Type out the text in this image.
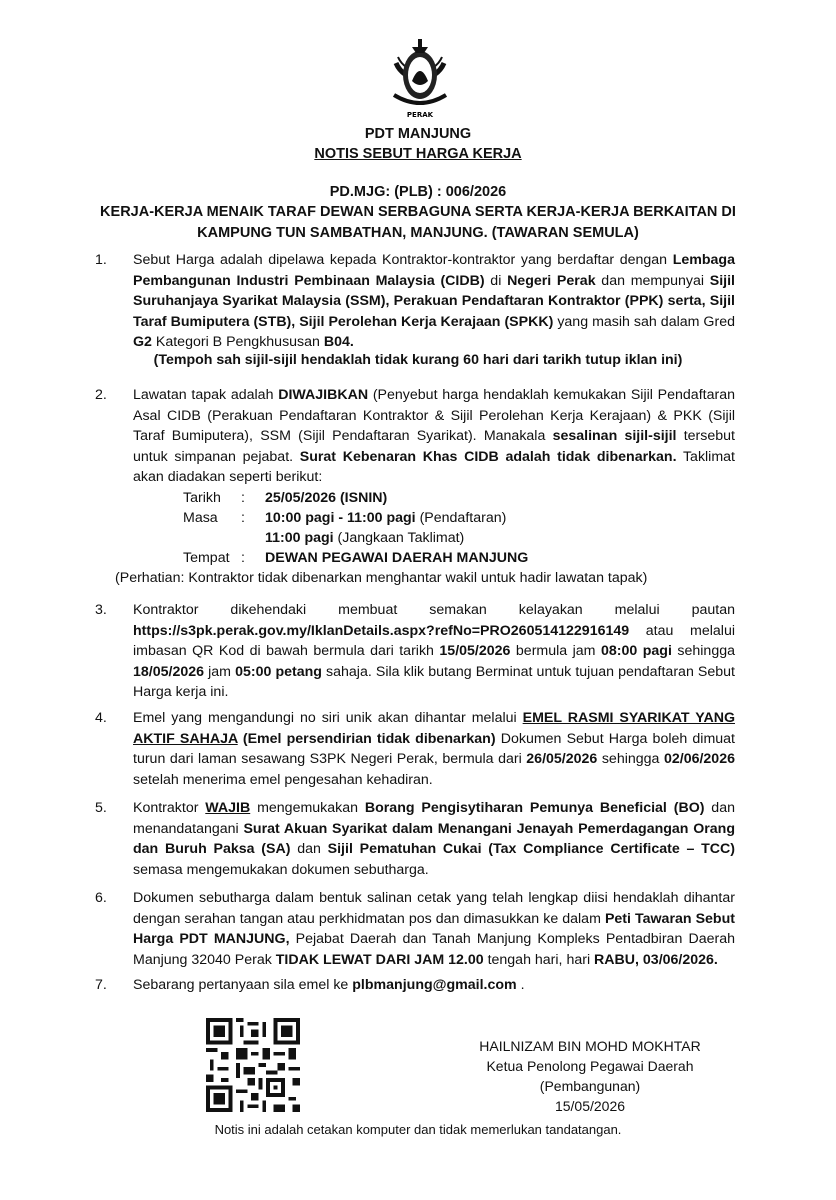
PERAK
PDT MANJUNG
NOTIS SEBUT HARGA KERJA
PD.MJG: (PLB) : 006/2026
KERJA-KERJA MENAIK TARAF DEWAN SERBAGUNA SERTA KERJA-KERJA BERKAITAN DI
KAMPUNG TUN SAMBATHAN, MANJUNG. (TAWARAN SEMULA)
1.	Sebut Harga adalah dipelawa kepada Kontraktor-kontraktor yang berdaftar dengan Lembaga Pembangunan Industri Pembinaan Malaysia (CIDB) di Negeri Perak dan mempunyai Sijil Suruhanjaya Syarikat Malaysia (SSM), Perakuan Pendaftaran Kontraktor (PPK) serta, Sijil Taraf Bumiputera (STB), Sijil Perolehan Kerja Kerajaan (SPKK) yang masih sah dalam Gred G2 Kategori B Pengkhususan B04.
(Tempoh sah sijil-sijil hendaklah tidak kurang 60 hari dari tarikh tutup iklan ini)
2.	Lawatan tapak adalah DIWAJIBKAN (Penyebut harga hendaklah kemukakan Sijil Pendaftaran Asal CIDB (Perakuan Pendaftaran Kontraktor & Sijil Perolehan Kerja Kerajaan) & PKK (Sijil Taraf Bumiputera), SSM (Sijil Pendaftaran Syarikat). Manakala sesalinan sijil-sijil tersebut untuk simpanan pejabat. Surat Kebenaran Khas CIDB adalah tidak dibenarkan. Taklimat akan diadakan seperti berikut:
Tarikh	:	25/05/2026 (ISNIN)
Masa	:	10:00 pagi - 11:00 pagi (Pendaftaran)
		11:00 pagi (Jangkaan Taklimat)
Tempat	:	DEWAN PEGAWAI DAERAH MANJUNG
(Perhatian: Kontraktor tidak dibenarkan menghantar wakil untuk hadir lawatan tapak)
3.	Kontraktor dikehendaki membuat semakan kelayakan melalui pautan https://s3pk.perak.gov.my/IklanDetails.aspx?refNo=PRO260514122916149 atau melalui imbasan QR Kod di bawah bermula dari tarikh 15/05/2026 bermula jam 08:00 pagi sehingga 18/05/2026 jam 05:00 petang sahaja. Sila klik butang Berminat untuk tujuan pendaftaran Sebut Harga kerja ini.
4.	Emel yang mengandungi no siri unik akan dihantar melalui EMEL RASMI SYARIKAT YANG AKTIF SAHAJA (Emel persendirian tidak dibenarkan) Dokumen Sebut Harga boleh dimuat turun dari laman sesawang S3PK Negeri Perak, bermula dari 26/05/2026 sehingga 02/06/2026 setelah menerima emel pengesahan kehadiran.
5.	Kontraktor WAJIB mengemukakan Borang Pengisytiharan Pemunya Beneficial (BO) dan menandatangani Surat Akuan Syarikat dalam Menangani Jenayah Pemerdagangan Orang dan Buruh Paksa (SA) dan Sijil Pematuhan Cukai (Tax Compliance Certificate – TCC) semasa mengemukakan dokumen sebutharga.
6.	Dokumen sebutharga dalam bentuk salinan cetak yang telah lengkap diisi hendaklah dihantar dengan serahan tangan atau perkhidmatan pos dan dimasukkan ke dalam Peti Tawaran Sebut Harga PDT MANJUNG, Pejabat Daerah dan Tanah Manjung Kompleks Pentadbiran Daerah Manjung 32040 Perak TIDAK LEWAT DARI JAM 12.00 tengah hari, hari RABU, 03/06/2026.
7.	Sebarang pertanyaan sila emel ke plbmanjung@gmail.com .
HAILNIZAM BIN MOHD MOKHTAR
Ketua Penolong Pegawai Daerah
(Pembangunan)
15/05/2026
Notis ini adalah cetakan komputer dan tidak memerlukan tandatangan.
